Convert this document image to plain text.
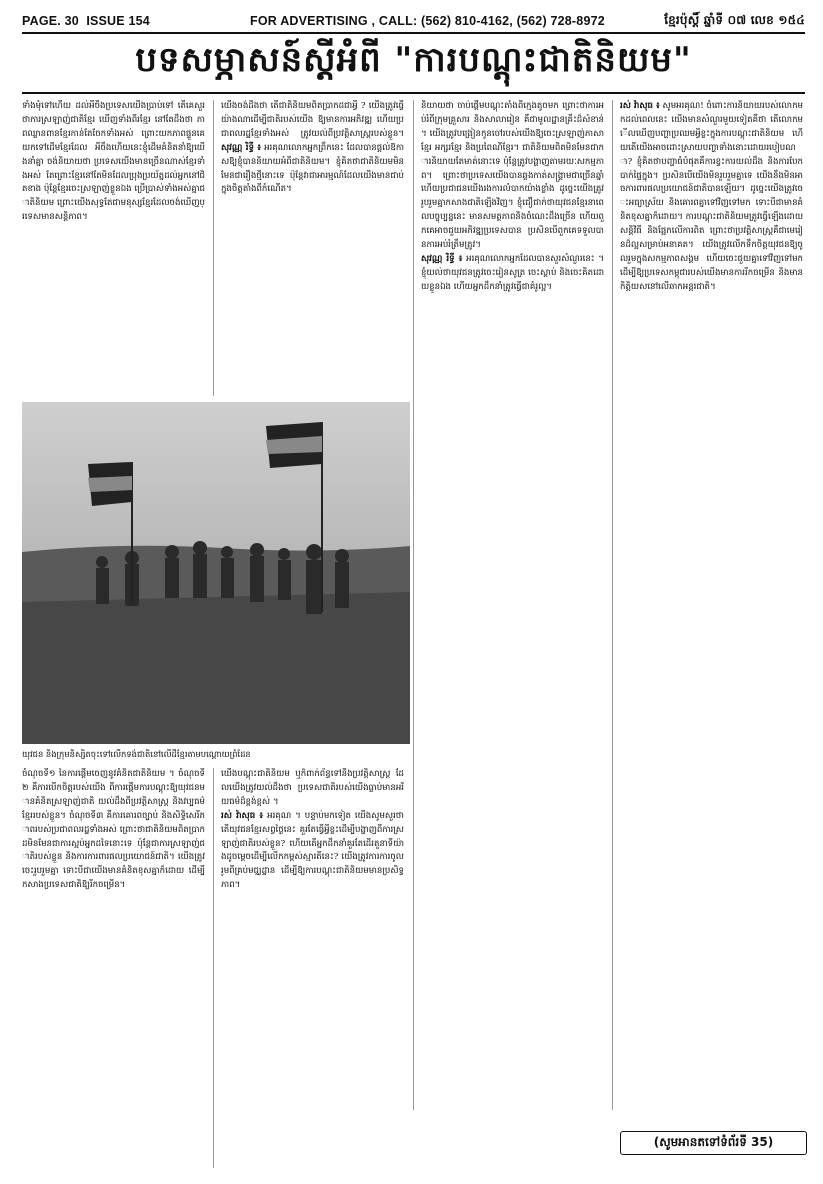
PAGE. 30 ISSUE 154	FOR ADVERTISING , CALL: (562) 810-4162, (562) 728-8972	ខ្មែរប៉ុស្តិ៍ ឆ្នាំទី ០៧ លេខ ១៥៤
បទសម្ភាសន៍ស្ដីអំពី "ការបណ្ដុះជាតិនិយម"
ទាំងមុំទៅហើយ ដល់អីចឹងប្រទេសយើងប្រាប់ទៅ តើគេសួរថាការស្រឡាញ់ជាតិខ្មែរ ឃើញទាំងពីរខ្មែរ នៅតែដឹងថា ភាពឈ្លានពានខ្មែរកាន់តែចែកទាំងអស់ ព្រោះយកភាពផ្ទួនគេយកទៅដើមខ្មែរដែល អីចឹងហើយនេះខ្ញុំដើមគំនិតនាំឱ្យយើងនាំគ្នា ចង់និយាយថា ប្រទេសយើងមានច្រើនណាស់ខ្មែរទាំងអស់ តែព្រោះខ្មែរនៅតែមិនដែលប្រុងប្រយ័ត្នដល់អ្នកនៅជិតខាង ប៉ុន្តែខ្មែរចេះស្រឡាញ់ខ្លួនឯង ប្រើប្រាស់ទាំងអស់គ្នាជាតិនិយម ព្រោះយើងសុទ្ធតែជាមនុស្សខ្មែរដែលចង់ឃើញប្រទេសមានសន្តិភាព។
យើងចង់ដឹងថា តើជាតិនិយមពិតប្រាកដជាអ្វី ? យើងត្រូវធ្វើយ៉ាងណាដើម្បីជាតិរបស់យើង ឱ្យមានការអភិវឌ្ឍ ហើយប្រជាពលរដ្ឋខ្មែរទាំងអស់ ត្រូវយល់ពីប្រវត្តិសាស្ត្ររបស់ខ្លួន។ សុវណ្ណ រិទ្ធី ៖ អរគុណលោកអ្នកព្រឹកនេះ ដែលបានផ្ដល់ឱកាសឱ្យខ្ញុំបាននិយាយអំពីជាតិនិយម។ ខ្ញុំគិតថាជាតិនិយមមិនមែនជារឿងថ្មីនោះទេ ប៉ុន្តែវាជាអារម្មណ៍ដែលយើងមានជាប់ក្នុងចិត្តតាំងពីកំណើត។
យុវជន និងក្រុមនិស្សិតចុះទៅលើកទង់ជាតិនៅលើដីខ្មែរតាមបណ្ដោយព្រំដែន
ចំណុចទី១ នៃការផ្ដើមចេញនូវគំនិតជាតិនិយម ។ ចំណុចទី២ គឺការបើកចិត្តរបស់យើង ពីការផ្ដើមការបណ្ដុះឱ្យយុវជនមានគំនិតស្រឡាញ់ជាតិ យល់ដឹងពីប្រវត្តិសាស្ត្រ និងវប្បធម៌ខ្មែររបស់ខ្លួន។ ចំណុចទី៣ គឺការគោរពច្បាប់ និងសិទ្ធិសេរីភាពរបស់ប្រជាពលរដ្ឋទាំងអស់ ព្រោះថាជាតិនិយមពិតប្រាកដមិនមែនជាការស្អប់អ្នកដទៃនោះទេ ប៉ុន្តែជាការស្រឡាញ់ជាតិរបស់ខ្លួន និងការការពារផលប្រយោជន៍ជាតិ។ យើងត្រូវចេះរួបរួមគ្នា ទោះបីជាយើងមានគំនិតខុសគ្នាក៏ដោយ ដើម្បីកសាងប្រទេសជាតិឱ្យរីកចម្រើន។
យើងបណ្ដុះជាតិនិយម ឬក៏ពាក់ព័ន្ធទៅនឹងប្រវត្តិសាស្ត្រ ដែលយើងត្រូវយល់ដឹងថា ប្រទេសជាតិរបស់យើងធ្លាប់មានអរិយធម៌ដ៏ខ្ពង់ខ្ពស់ ។
រស់ វ៉ាសុធ ៖ អរគុណ ។ បន្ទាប់មកទៀត យើងសូមសួរថា តើយុវជនខ្មែរសព្វថ្ងៃនេះ គួរតែធ្វើអ្វីខ្លះដើម្បីបង្ហាញពីការស្រឡាញ់ជាតិរបស់ខ្លួន? ហើយតើអ្នកដឹកនាំគួរតែដើរតួនាទីយ៉ាងដូចម្ដេចដើម្បីលើកកម្ពស់ស្មារតីនេះ? យើងត្រូវការការចូលរួមពីគ្រប់មជ្ឈដ្ឋាន ដើម្បីឱ្យការបណ្ដុះជាតិនិយមមានប្រសិទ្ធភាព។
និយាយថា ចាប់ផ្ដើមបណ្ដុះតាំងពីក្មេងតូចមក ព្រោះថាការអប់រំពីក្រុមគ្រួសារ និងសាលារៀន គឺជាមូលដ្ឋានគ្រឹះដ៏សំខាន់ ។ យើងត្រូវបង្រៀនកូនចៅរបស់យើងឱ្យចេះស្រឡាញ់ភាសាខ្មែរ អក្សរខ្មែរ និងប្រពៃណីខ្មែរ។ ជាតិនិយមពិតមិនមែនជាការនិយាយតែមាត់នោះទេ ប៉ុន្តែត្រូវបង្ហាញតាមរយៈសកម្មភាព។ ព្រោះថាប្រទេសយើងបានឆ្លងកាត់សង្គ្រាមជាច្រើនឆ្នាំ ហើយប្រជាជនយើងរងការលំបាកយ៉ាងខ្លាំង ដូច្នេះយើងត្រូវរួបរួមគ្នាកសាងជាតិឡើងវិញ។ ខ្ញុំជឿជាក់ថាយុវជនខ្មែរនាពេលបច្ចុប្បន្ននេះ មានសមត្ថភាពនិងចំណេះដឹងច្រើន ហើយពួកគេអាចជួយអភិវឌ្ឍប្រទេសបាន ប្រសិនបើពួកគេទទួលបានការអប់រំត្រឹមត្រូវ។
សុវណ្ណ រិទ្ធី ៖ អរគុណលោកអ្នកដែលបានសួរសំណួរនេះ ។ ខ្ញុំយល់ថាយុវជនត្រូវចេះរៀនសូត្រ ចេះស្ដាប់ និងចេះគិតដោយខ្លួនឯង ហើយអ្នកដឹកនាំត្រូវធ្វើជាគំរូល្អ។
រស់ វ៉ាសុធ ៖ សូមអរគុណ! ចំពោះការនិយាយរបស់លោកមកដល់ពេលនេះ យើងមានសំណួរមួយទៀតគឺថា តើលោកមើលឃើញបញ្ហាប្រឈមអ្វីខ្លះក្នុងការបណ្ដុះជាតិនិយម ហើយតើយើងអាចដោះស្រាយបញ្ហាទាំងនោះដោយរបៀបណា? ខ្ញុំគិតថាបញ្ហាធំបំផុតគឺការខ្វះការយល់ដឹង និងការបែកបាក់ផ្ទៃក្នុង។ ប្រសិនបើយើងមិនរួបរួមគ្នាទេ យើងនឹងមិនអាចការពារផលប្រយោជន៍ជាតិបានឡើយ។ ដូច្នេះយើងត្រូវចេះអធ្យាស្រ័យ និងគោរពគ្នាទៅវិញទៅមក ទោះបីជាមានគំនិតខុសគ្នាក៏ដោយ។ ការបណ្ដុះជាតិនិយមត្រូវធ្វើឡើងដោយសន្តិវិធី និងផ្អែកលើការពិត ព្រោះថាប្រវត្តិសាស្ត្រគឺជាមេរៀនដ៏ល្អសម្រាប់អនាគត។ យើងត្រូវលើកទឹកចិត្តយុវជនឱ្យចូលរួមក្នុងសកម្មភាពសង្គម ហើយចេះជួយគ្នាទៅវិញទៅមក ដើម្បីឱ្យប្រទេសកម្ពុជារបស់យើងមានការរីកចម្រើន និងមានកិត្តិយសនៅលើឆាកអន្តរជាតិ។
(សូមអានតទៅទំព័រទី 35)
